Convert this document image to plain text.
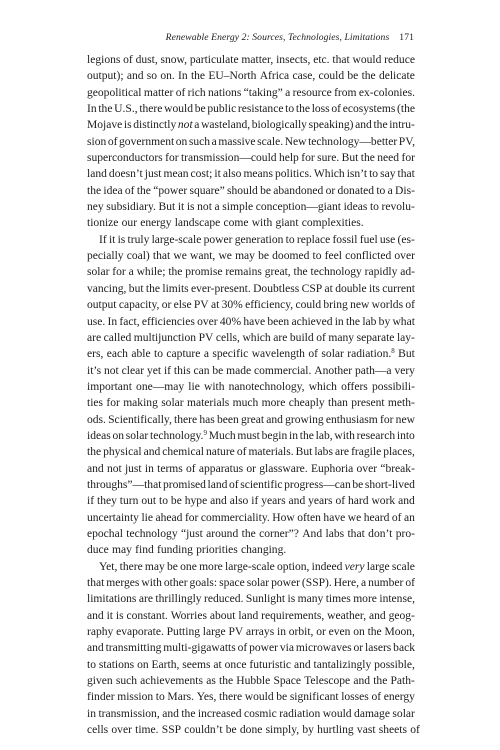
Renewable Energy 2: Sources, Technologies, Limitations 171
legions of dust, snow, particulate matter, insects, etc. that would reduce
output); and so on. In the EU–North Africa case, could be the delicate
geopolitical matter of rich nations “taking” a resource from ex-colonies.
In the U.S., there would be public resistance to the loss of ecosystems (the
Mojave is distinctly not a wasteland, biologically speaking) and the intru-
sion of government on such a massive scale. New technology—better PV,
superconductors for transmission—could help for sure. But the need for
land doesn’t just mean cost; it also means politics. Which isn’t to say that
the idea of the “power square” should be abandoned or donated to a Dis-
ney subsidiary. But it is not a simple conception—giant ideas to revolu-
tionize our energy landscape come with giant complexities.
If it is truly large-scale power generation to replace fossil fuel use (es-
pecially coal) that we want, we may be doomed to feel conflicted over
solar for a while; the promise remains great, the technology rapidly ad-
vancing, but the limits ever-present. Doubtless CSP at double its current
output capacity, or else PV at 30% efficiency, could bring new worlds of
use. In fact, efficiencies over 40% have been achieved in the lab by what
are called multijunction PV cells, which are build of many separate lay-
ers, each able to capture a specific wavelength of solar radiation.$^8$ But
it’s not clear yet if this can be made commercial. Another path—a very
important one—may lie with nanotechnology, which offers possibili-
ties for making solar materials much more cheaply than present meth-
ods. Scientifically, there has been great and growing enthusiasm for new
ideas on solar technology.$^9$ Much must begin in the lab, with research into
the physical and chemical nature of materials. But labs are fragile places,
and not just in terms of apparatus or glassware. Euphoria over “break-
throughs”—that promised land of scientific progress—can be short-lived
if they turn out to be hype and also if years and years of hard work and
uncertainty lie ahead for commerciality. How often have we heard of an
epochal technology “just around the corner”? And labs that don’t pro-
duce may find funding priorities changing.
Yet, there may be one more large-scale option, indeed very large scale
that merges with other goals: space solar power (SSP). Here, a number of
limitations are thrillingly reduced. Sunlight is many times more intense,
and it is constant. Worries about land requirements, weather, and geog-
raphy evaporate. Putting large PV arrays in orbit, or even on the Moon,
and transmitting multi-gigawatts of power via microwaves or lasers back
to stations on Earth, seems at once futuristic and tantalizingly possible,
given such achievements as the Hubble Space Telescope and the Path-
finder mission to Mars. Yes, there would be significant losses of energy
in transmission, and the increased cosmic radiation would damage solar
cells over time. SSP couldn’t be done simply, by hurtling vast sheets of
